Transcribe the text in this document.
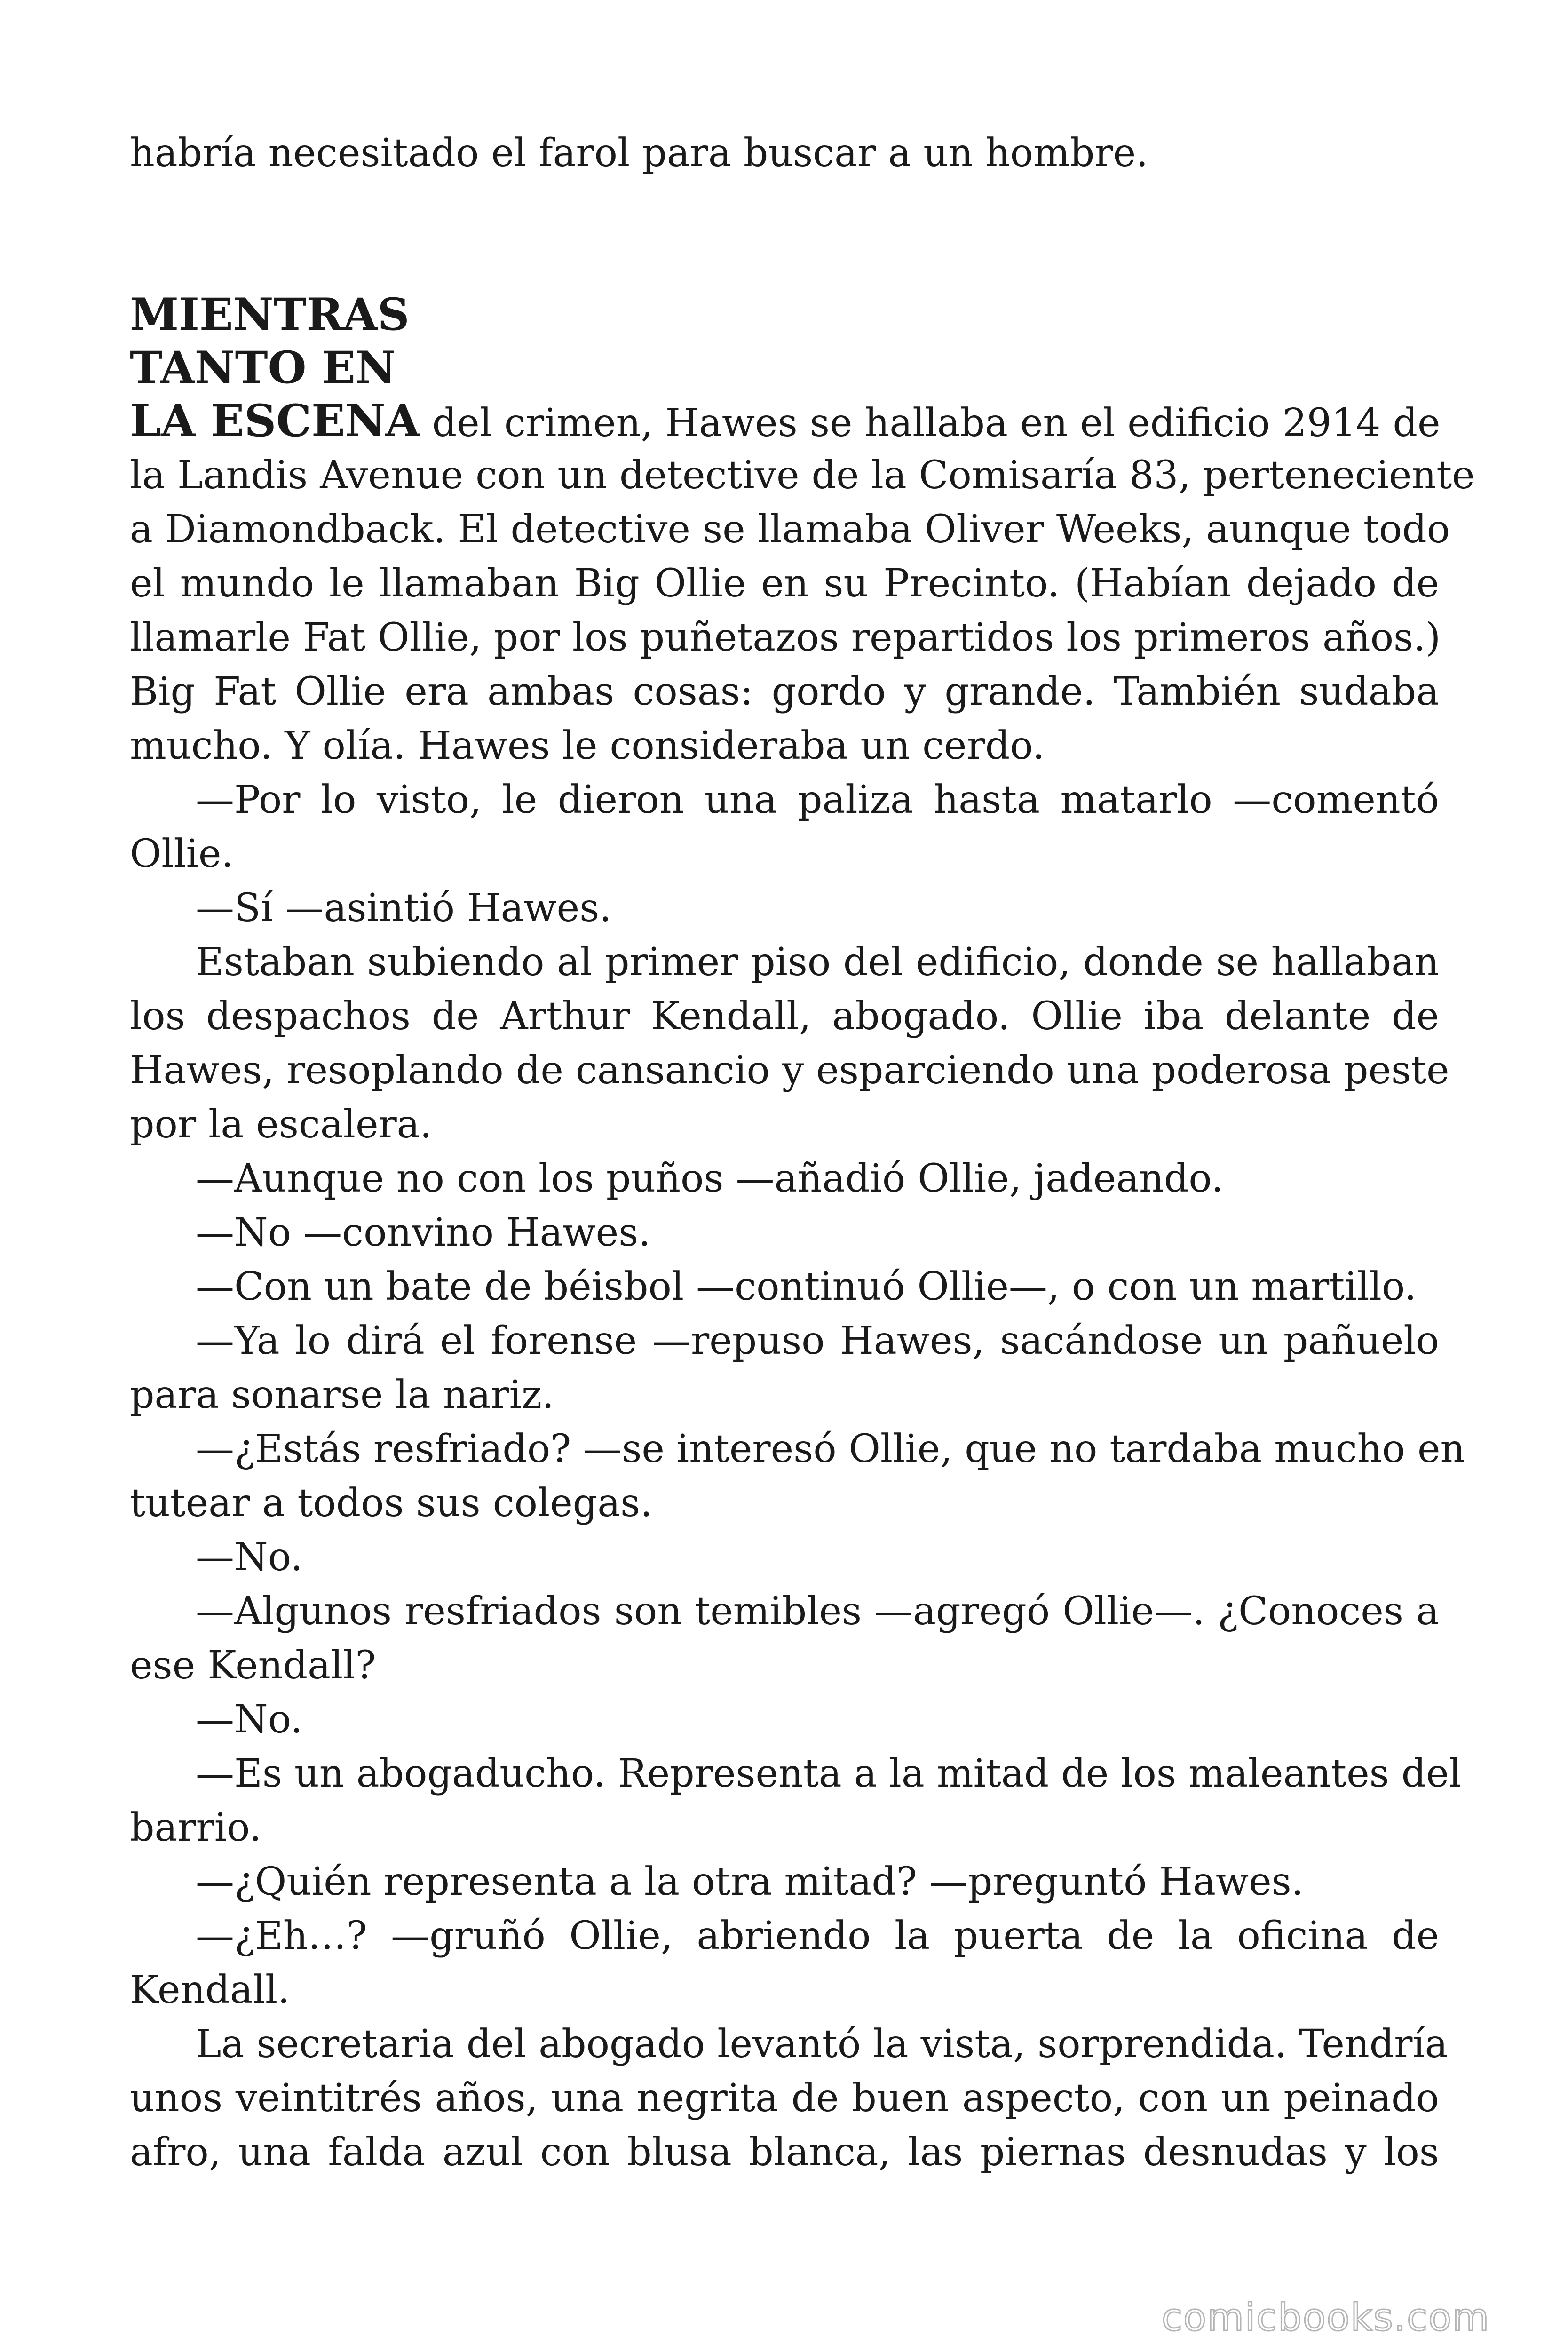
habría necesitado el farol para buscar a un hombre.
MIENTRAS
TANTO EN
LA ESCENA del crimen, Hawes se hallaba en el edificio 2914 de
la Landis Avenue con un detective de la Comisaría 83, perteneciente
a Diamondback. El detective se llamaba Oliver Weeks, aunque todo
el mundo le llamaban Big Ollie en su Precinto. (Habían dejado de
llamarle Fat Ollie, por los puñetazos repartidos los primeros años.)
Big Fat Ollie era ambas cosas: gordo y grande. También sudaba
mucho. Y olía. Hawes le consideraba un cerdo.
—Por lo visto, le dieron una paliza hasta matarlo —comentó
Ollie.
—Sí —asintió Hawes.
Estaban subiendo al primer piso del edificio, donde se hallaban
los despachos de Arthur Kendall, abogado. Ollie iba delante de
Hawes, resoplando de cansancio y esparciendo una poderosa peste
por la escalera.
—Aunque no con los puños —añadió Ollie, jadeando.
—No —convino Hawes.
—Con un bate de béisbol —continuó Ollie—, o con un martillo.
—Ya lo dirá el forense —repuso Hawes, sacándose un pañuelo
para sonarse la nariz.
—¿Estás resfriado? —se interesó Ollie, que no tardaba mucho en
tutear a todos sus colegas.
—No.
—Algunos resfriados son temibles —agregó Ollie—. ¿Conoces a
ese Kendall?
—No.
—Es un abogaducho. Representa a la mitad de los maleantes del
barrio.
—¿Quién representa a la otra mitad? —preguntó Hawes.
—¿Eh…? —gruñó Ollie, abriendo la puerta de la oficina de
Kendall.
La secretaria del abogado levantó la vista, sorprendida. Tendría
unos veintitrés años, una negrita de buen aspecto, con un peinado
afro, una falda azul con blusa blanca, las piernas desnudas y los
comicbooks.com
